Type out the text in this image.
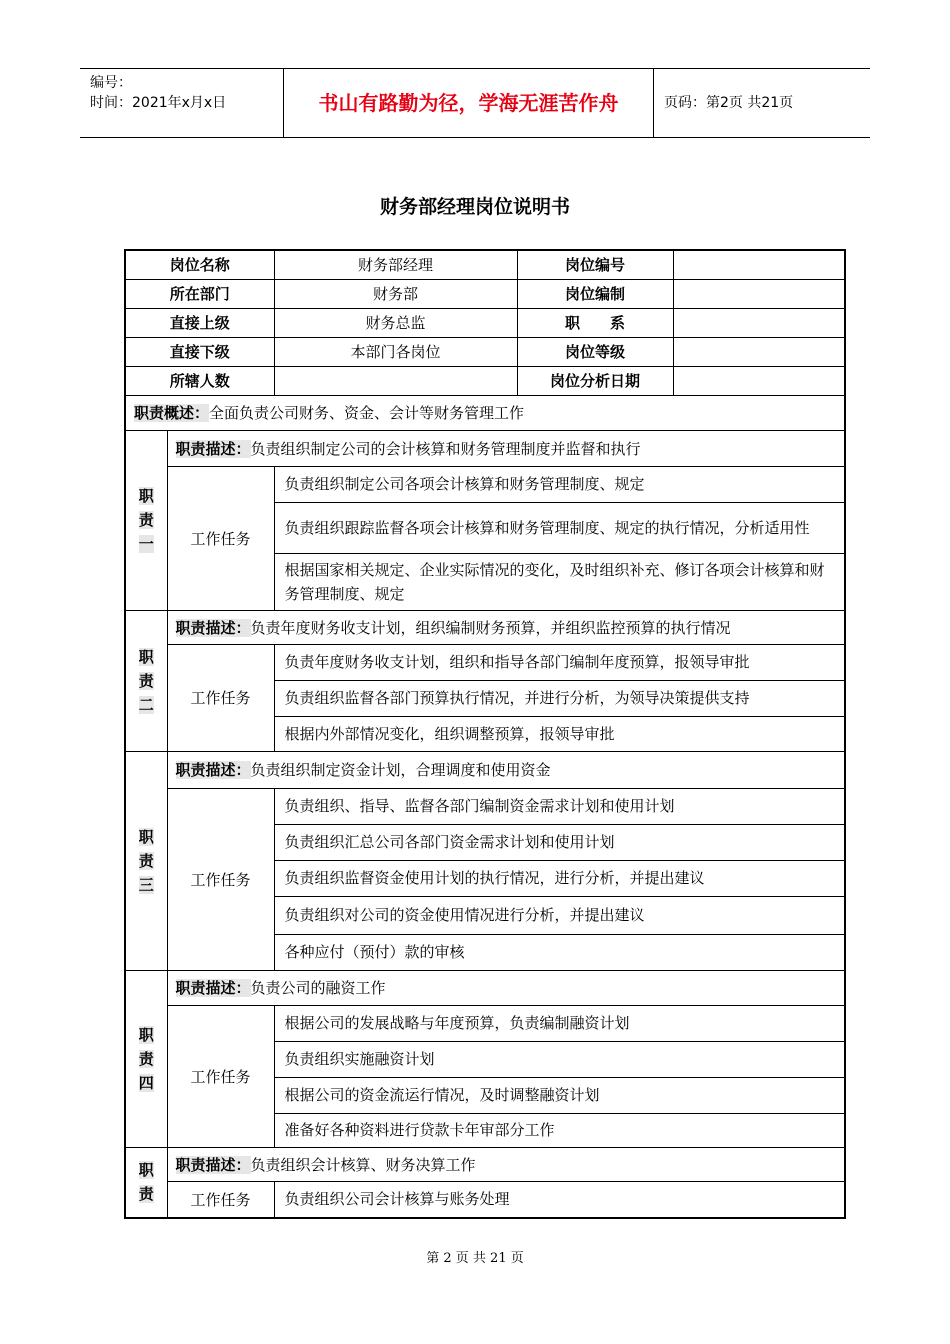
编号：
时间：2021年x月x日	书山有路勤为径，学海无涯苦作舟	页码：第2页 共21页
财务部经理岗位说明书
岗位名称		财务部经理	岗位编号	
所在部门		财务部	岗位编制	
直接上级		财务总监	职　　系	
直接下级		本部门各岗位	岗位等级	
所辖人数			岗位分析日期	
职责概述：全面负责公司财务、资金、会计等财务管理工作				
职
责
一	职责描述：负责组织制定公司的会计核算和财务管理制度并监督和执行			
	工作任务	负责组织制定公司各项会计核算和财务管理制度、规定		
		负责组织跟踪监督各项会计核算和财务管理制度、规定的执行情况，分析适用性		
		根据国家相关规定、企业实际情况的变化，及时组织补充、修订各项会计核算和财务管理制度、规定		
职
责
二	职责描述：负责年度财务收支计划，组织编制财务预算，并组织监控预算的执行情况			
	工作任务	负责年度财务收支计划，组织和指导各部门编制年度预算，报领导审批		
		负责组织监督各部门预算执行情况，并进行分析，为领导决策提供支持		
		根据内外部情况变化，组织调整预算，报领导审批		
职
责
三	职责描述：负责组织制定资金计划，合理调度和使用资金			
	工作任务	负责组织、指导、监督各部门编制资金需求计划和使用计划		
		负责组织汇总公司各部门资金需求计划和使用计划		
		负责组织监督资金使用计划的执行情况，进行分析，并提出建议		
		负责组织对公司的资金使用情况进行分析，并提出建议		
		各种应付（预付）款的审核		
职
责
四	职责描述：负责公司的融资工作			
	工作任务	根据公司的发展战略与年度预算，负责编制融资计划		
		负责组织实施融资计划		
		根据公司的资金流运行情况，及时调整融资计划		
		准备好各种资料进行贷款卡年审部分工作		
职
责	职责描述：负责组织会计核算、财务决算工作			
	工作任务	负责组织公司会计核算与账务处理		
第 2 页 共 21 页
